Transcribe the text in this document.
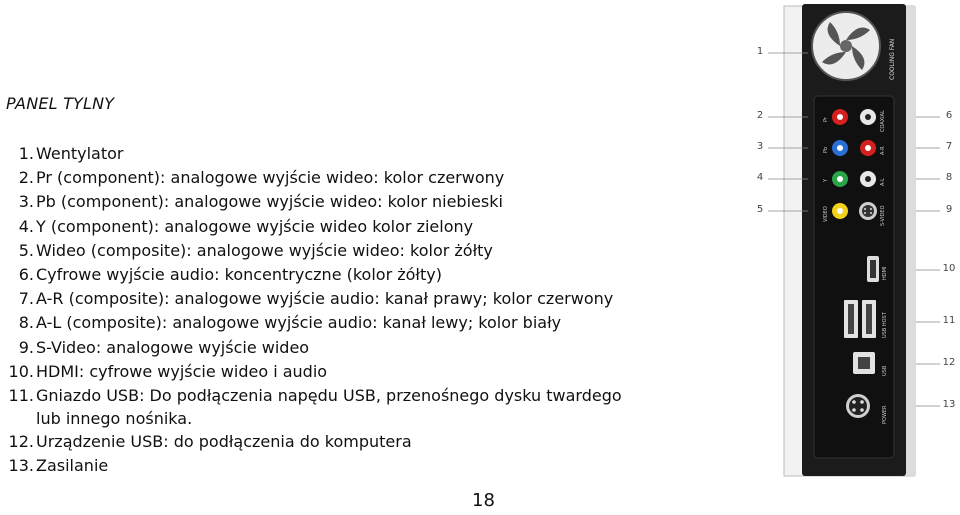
PANEL TYLNY
1. Wentylator
2. Pr (component): analogowe wyjście wideo: kolor czerwony
3. Pb (component): analogowe wyjście wideo: kolor niebieski
4. Y (component): analogowe wyjście wideo kolor zielony
5. Wideo (composite): analogowe wyjście wideo: kolor żółty
6. Cyfrowe wyjście audio: koncentryczne (kolor żółty)
7. A-R (composite): analogowe wyjście audio: kanał prawy; kolor czerwony
8. A-L (composite): analogowe wyjście audio: kanał lewy; kolor biały
9. S-Video: analogowe wyjście wideo
10. HDMI: cyfrowe wyjście wideo i audio
11. Gniazdo USB: Do podłączenia napędu USB, przenośnego dysku twardego
lub innego nośnika.
12. Urządzenie USB: do podłączenia do komputera
13. Zasilanie
18
COOLING FAN
Pr
Pb
Y
VIDEO
COAXIAL
A-R
A-L
S-VIDEO
HDMI
USB HOST
USB
POWER
1
2
3
4
5
6
7
8
9
10
11
12
13
